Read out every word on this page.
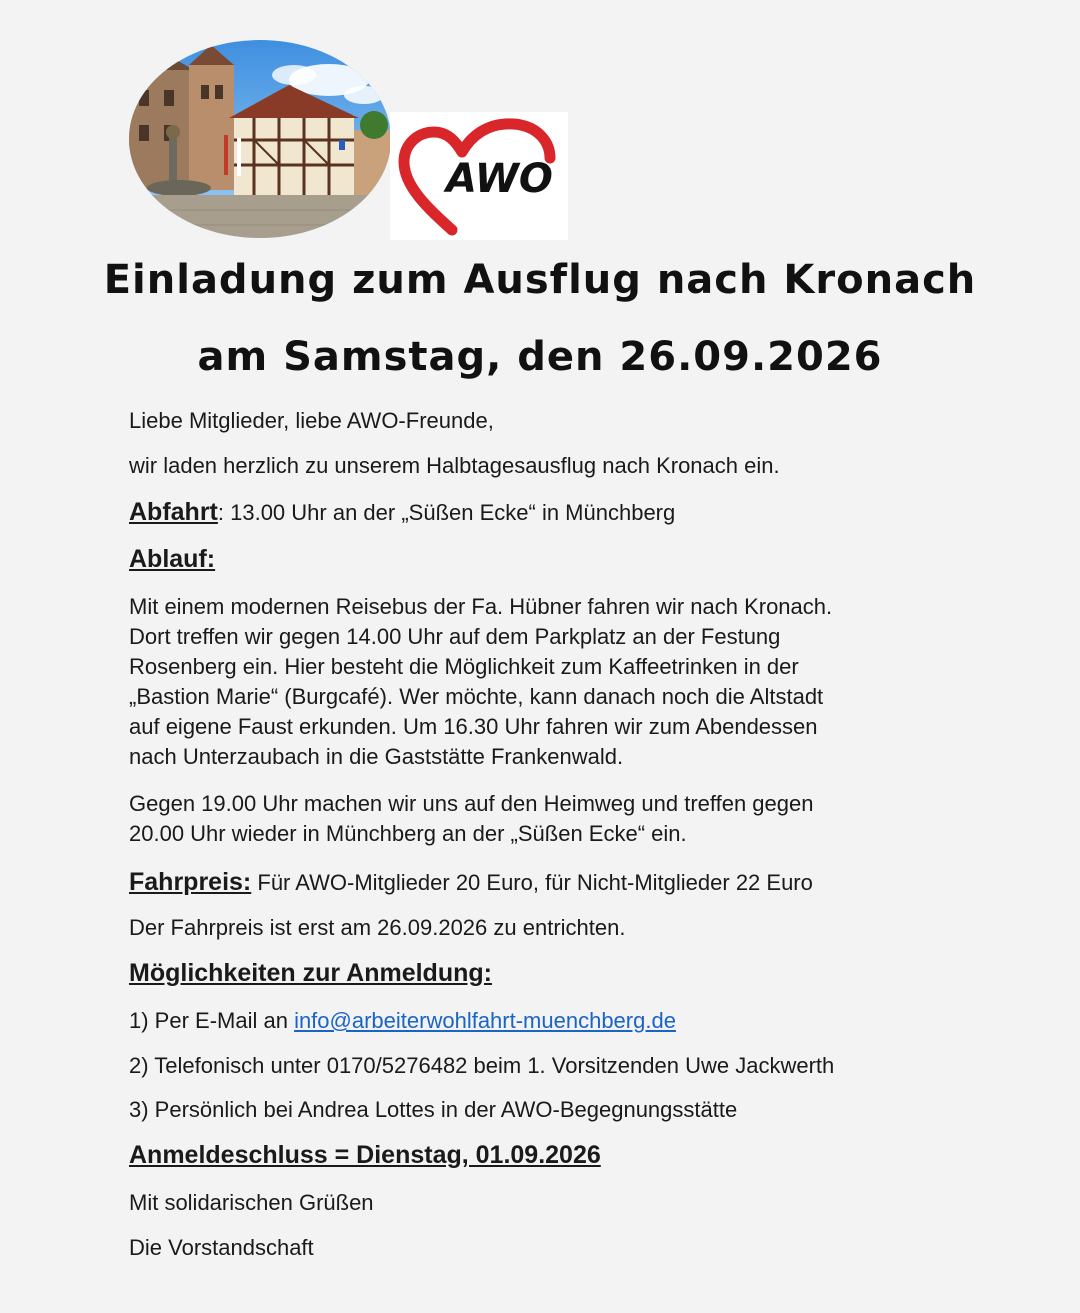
AWO
Einladung zum Ausflug nach Kronach
am Samstag, den 26.09.2026

Liebe Mitglieder, liebe AWO-Freunde,

wir laden herzlich zu unserem Halbtagesausflug nach Kronach ein.

Abfahrt: 13.00 Uhr an der „Süßen Ecke“ in Münchberg

Ablauf:

Mit einem modernen Reisebus der Fa. Hübner fahren wir nach Kronach.
Dort treffen wir gegen 14.00 Uhr auf dem Parkplatz an der Festung
Rosenberg ein. Hier besteht die Möglichkeit zum Kaffeetrinken in der
„Bastion Marie“ (Burgcafé). Wer möchte, kann danach noch die Altstadt
auf eigene Faust erkunden. Um 16.30 Uhr fahren wir zum Abendessen
nach Unterzaubach in die Gaststätte Frankenwald.
Gegen 19.00 Uhr machen wir uns auf den Heimweg und treffen gegen
20.00 Uhr wieder in Münchberg an der „Süßen Ecke“ ein.

Fahrpreis: Für AWO-Mitglieder 20 Euro, für Nicht-Mitglieder 22 Euro

Der Fahrpreis ist erst am 26.09.2026 zu entrichten.

Möglichkeiten zur Anmeldung:

1) Per E-Mail an info@arbeiterwohlfahrt-muenchberg.de

2) Telefonisch unter 0170/5276482 beim 1. Vorsitzenden Uwe Jackwerth

3) Persönlich bei Andrea Lottes in der AWO-Begegnungsstätte

Anmeldeschluss = Dienstag, 01.09.2026

Mit solidarischen Grüßen

Die Vorstandschaft
